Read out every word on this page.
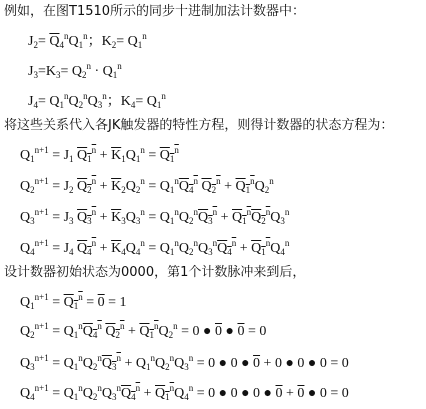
例如，在图T1510所示的同步十进制加法计数器中：
$J_2= \overline{Q}_4^nQ_1^n$；$K_2= Q_1^n$
$J_3=K_3= Q_2^n \cdot Q_1^n$
$J_4= Q_1^nQ_2^nQ_3^n$；$K_4= Q_1^n$
将这些关系代入各JK触发器的特性方程，则得计数器的状态方程为：
$Q_1^{n+1} = J_1$ $Q_1^n + \overline{K}_1Q_1^n = Q_1^n$
$Q_2^{n+1} = J_2$ $Q_2^n + \overline{K}_2Q_2^n = Q_1^nQ_4^n$ $Q_2^n + Q_1^nQ_2^n$
$Q_3^{n+1} = J_3$ $Q_3^n + \overline{K}_3Q_3^n = Q_1^nQ_2^nQ_3^n + Q_1^nQ_2^nQ_3^n$
$Q_4^{n+1} = J_4$ $Q_4^n + \overline{K}_4Q_4^n = Q_1^nQ_2^nQ_3^nQ_4^n + Q_1^nQ_4^n$
设计数器初始状态为0000，第1个计数脉冲来到后，
$Q_1^{n+1} = Q_1^n = 0 = 1$
$Q_2^{n+1} = Q_1^nQ_4^n$ $Q_2^n + Q_1^nQ_2^n = 0$ ● 0 ● 0 = 0
$Q_3^{n+1} = Q_1^nQ_2^nQ_3^n + Q_1^nQ_2^nQ_3^n = 0$ ● 0 ● 0 + 0 ● 0 ● 0 = 0
$Q_4^{n+1} = Q_1^nQ_2^nQ_3^nQ_4^n + Q_1^nQ_4^n = 0$ ● 0 ● 0 ● 0 + 0 ● 0 = 0
